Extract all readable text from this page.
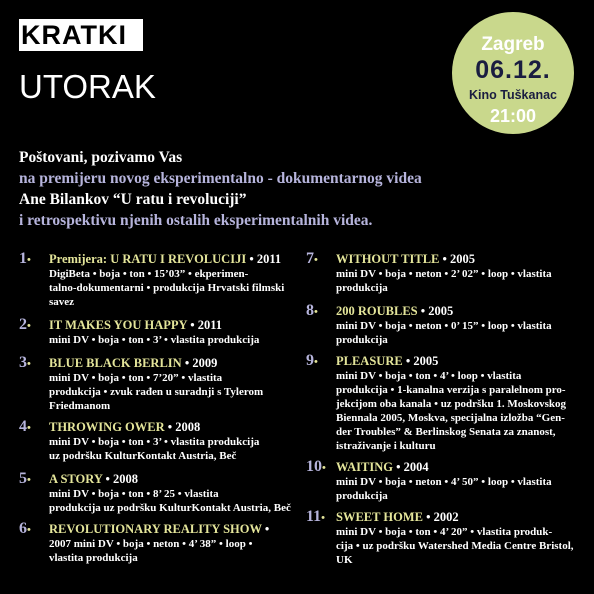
KRATKI
UTORAK
Zagreb
06.12.
Kino Tuškanac
21:00
Poštovani, pozivamo Vas
na premijeru novog eksperimentalno - dokumentarnog videa
Ane Bilankov “U ratu i revoluciji”
i retrospektivu njenih ostalih eksperimentalnih videa.
1• Premijera: U RATU I REVOLUCIJI • 2011
DigiBeta • boja • ton • 15’03” • ekperimen-
talno-dokumentarni • produkcija Hrvatski filmski
savez
2• IT MAKES YOU HAPPY • 2011
mini DV • boja • ton • 3’ • vlastita produkcija
3• BLUE BLACK BERLIN • 2009
mini DV • boja • ton • 7’20” • vlastita
produkcija • zvuk rađen u suradnji s Tylerom
Friedmanom
4• THROWING OWER • 2008
mini DV • boja • ton • 3’ • vlastita produkcija
uz podršku KulturKontakt Austria, Beč
5• A STORY • 2008
mini DV • boja • ton • 8’ 25 • vlastita
produkcija uz podršku KulturKontakt Austria, Beč
6• REVOLUTIONARY REALITY SHOW •
2007 mini DV • boja • neton • 4’ 38” • loop •
vlastita produkcija
7• WITHOUT TITLE • 2005
mini DV • boja • neton • 2’ 02” • loop • vlastita
produkcija
8• 200 ROUBLES • 2005
mini DV • boja • neton • 0’ 15” • loop • vlastita
produkcija
9• PLEASURE • 2005
mini DV • boja • ton • 4’ • loop • vlastita
produkcija • 1-kanalna verzija s paralelnom pro-
jekcijom oba kanala • uz podršku 1. Moskovskog
Biennala 2005, Moskva, specijalna izložba “Gen-
der Troubles” & Berlinskog Senata za znanost,
istraživanje i kulturu
10• WAITING • 2004
mini DV • boja • neton • 4’ 50” • loop • vlastita
produkcija
11• SWEET HOME • 2002
mini DV • boja • ton • 4’ 20” • vlastita produk-
cija • uz podršku Watershed Media Centre Bristol,
UK
